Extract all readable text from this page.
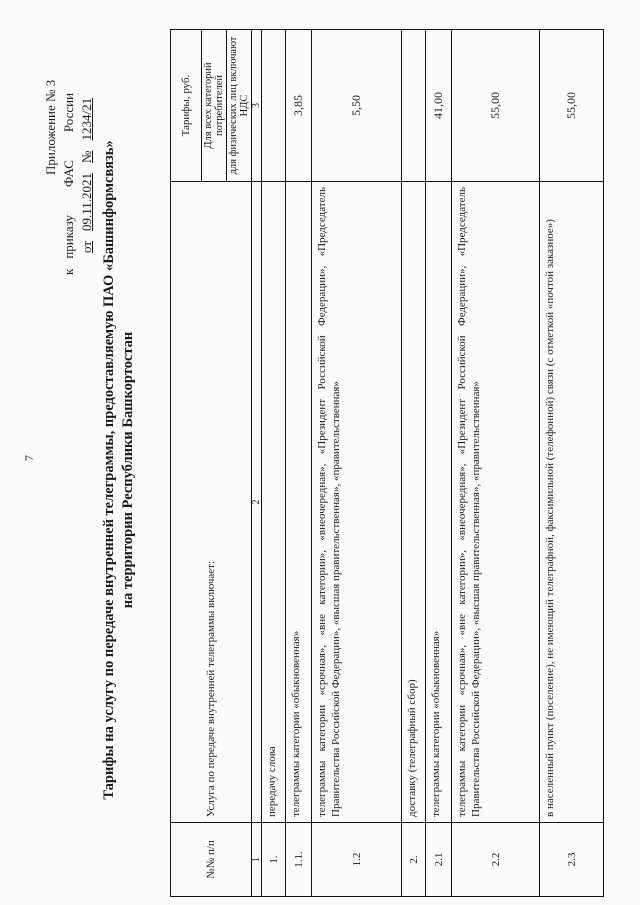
7
Приложение № 3
к
приказу
ФАС
России
от
09.11.2021
№
1234/21
Тарифы на услугу по передаче внутренней телеграммы, предоставляемую ПАО «Башинформсвязь» на территории Республики Башкортостан
№№ п/п	Услуга по передаче внутренней телеграммы включает:	Тарифы, руб.
		Для всех категорий потребителей
		для физических лиц включают НДС
1	2	3
1.	передачу слова	
1.1.	телеграммы категории «обыкновенная»	3,85
1.2	телеграммы категории «срочная», «вне категории», «внеочередная», «Президент Российской Федерации», «Председатель Правительства Российской Федерации», «высшая правительственная», «правительственная»	5,50
2.	доставку (телеграфный сбор)	
2.1	телеграммы категории «обыкновенная»	41,00
2.2	телеграммы категории «срочная», «вне категории», «внеочередная», «Президент Российской Федерации», «Председатель Правительства Российской Федерации», «высшая правительственная», «правительственная»	55,00
2.3	в населенный пункт (поселение), не имеющий телеграфной, факсимильной (телефонной) связи (с отметкой «почтой заказное»)	55,00
